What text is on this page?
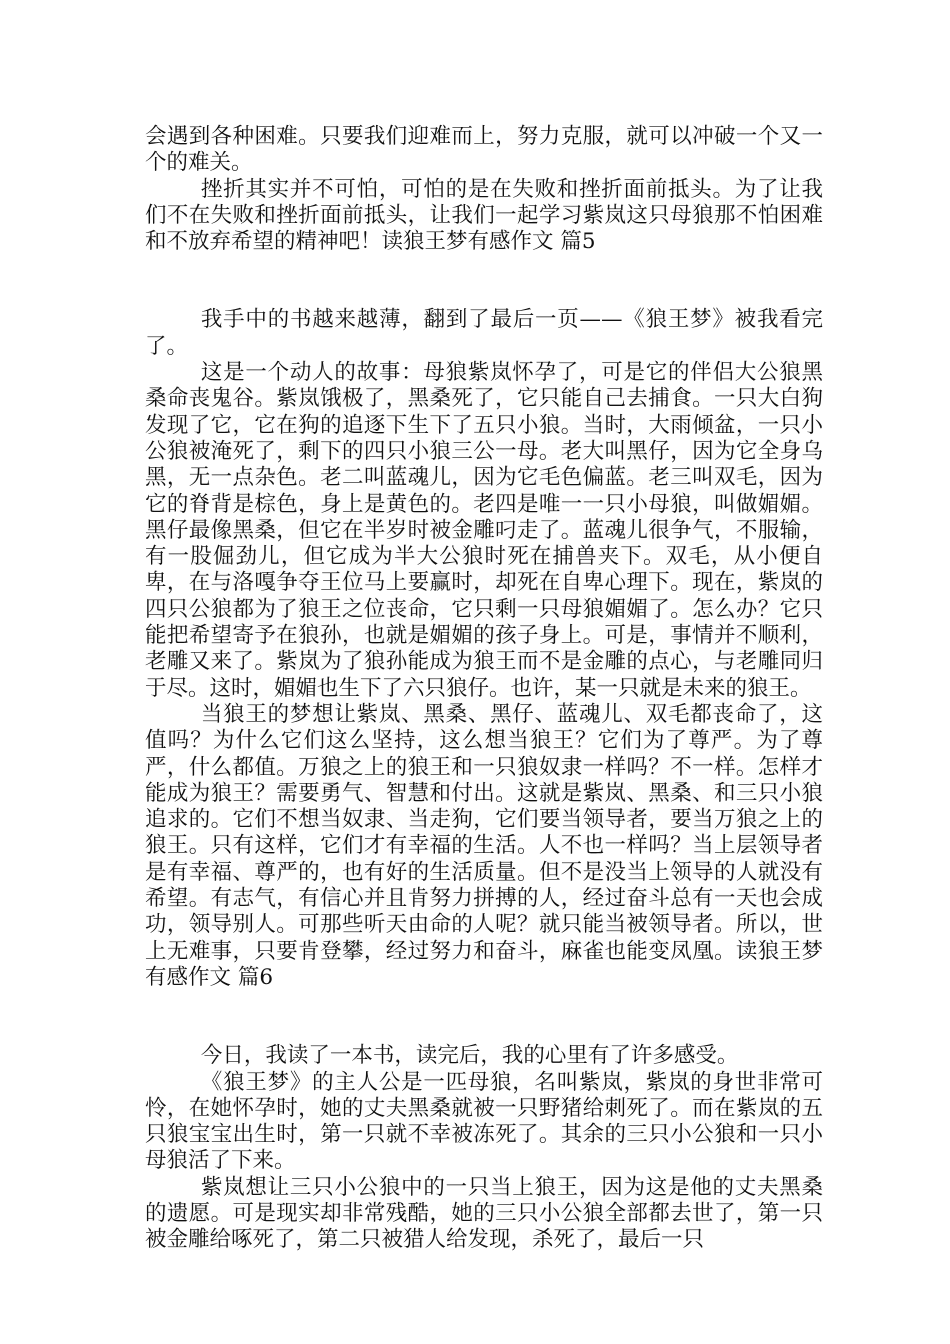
会遇到各种困难。只要我们迎难而上，努力克服，就可以冲破一个又一个的难关。

挫折其实并不可怕，可怕的是在失败和挫折面前抵头。为了让我们不在失败和挫折面前抵头，让我们一起学习紫岚这只母狼那不怕困难和不放弃希望的精神吧！读狼王梦有感作文 篇5

我手中的书越来越薄，翻到了最后一页——《狼王梦》被我看完了。

这是一个动人的故事：母狼紫岚怀孕了，可是它的伴侣大公狼黑桑命丧鬼谷。紫岚饿极了，黑桑死了，它只能自己去捕食。一只大白狗发现了它，它在狗的追逐下生下了五只小狼。当时，大雨倾盆，一只小公狼被淹死了，剩下的四只小狼三公一母。老大叫黑仔，因为它全身乌黑，无一点杂色。老二叫蓝魂儿，因为它毛色偏蓝。老三叫双毛，因为它的脊背是棕色，身上是黄色的。老四是唯一一只小母狼，叫做媚媚。黑仔最像黑桑，但它在半岁时被金雕叼走了。蓝魂儿很争气，不服输，有一股倔劲儿，但它成为半大公狼时死在捕兽夹下。双毛，从小便自卑，在与洛嘎争夺王位马上要赢时，却死在自卑心理下。现在，紫岚的四只公狼都为了狼王之位丧命，它只剩一只母狼媚媚了。怎么办？它只能把希望寄予在狼孙，也就是媚媚的孩子身上。可是，事情并不顺利，老雕又来了。紫岚为了狼孙能成为狼王而不是金雕的点心，与老雕同归于尽。这时，媚媚也生下了六只狼仔。也许，某一只就是未来的狼王。

当狼王的梦想让紫岚、黑桑、黑仔、蓝魂儿、双毛都丧命了，这值吗？为什么它们这么坚持，这么想当狼王？它们为了尊严。为了尊严，什么都值。万狼之上的狼王和一只狼奴隶一样吗？不一样。怎样才能成为狼王？需要勇气、智慧和付出。这就是紫岚、黑桑、和三只小狼追求的。它们不想当奴隶、当走狗，它们要当领导者，要当万狼之上的狼王。只有这样，它们才有幸福的生活。人不也一样吗？当上层领导者是有幸福、尊严的，也有好的生活质量。但不是没当上领导的人就没有希望。有志气，有信心并且肯努力拼搏的人，经过奋斗总有一天也会成功，领导别人。可那些听天由命的人呢？就只能当被领导者。所以，世上无难事，只要肯登攀，经过努力和奋斗，麻雀也能变凤凰。读狼王梦有感作文 篇6

今日，我读了一本书，读完后，我的心里有了许多感受。

《狼王梦》的主人公是一匹母狼，名叫紫岚，紫岚的身世非常可怜，在她怀孕时，她的丈夫黑桑就被一只野猪给刺死了。而在紫岚的五只狼宝宝出生时，第一只就不幸被冻死了。其余的三只小公狼和一只小母狼活了下来。

紫岚想让三只小公狼中的一只当上狼王，因为这是他的丈夫黑桑的遗愿。可是现实却非常残酷，她的三只小公狼全部都去世了，第一只被金雕给啄死了，第二只被猎人给发现，杀死了，最后一只
